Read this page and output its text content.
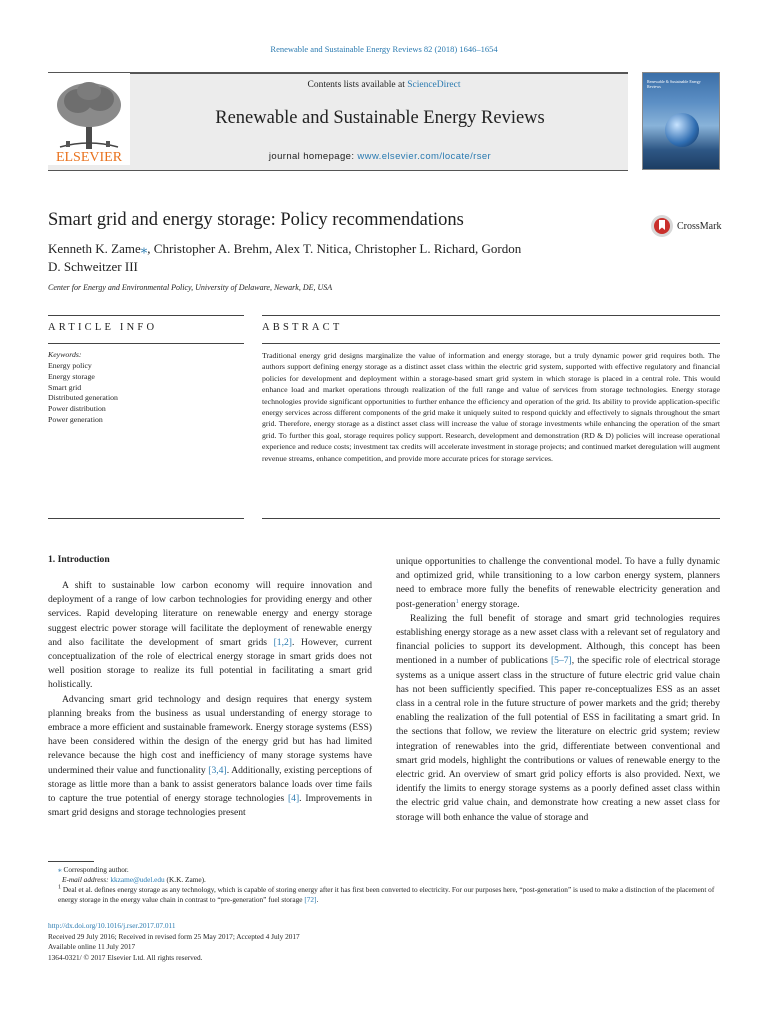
Renewable and Sustainable Energy Reviews 82 (2018) 1646–1654
ELSEVIER
Contents lists available at ScienceDirect
Renewable and Sustainable Energy Reviews
journal homepage: www.elsevier.com/locate/rser
Renewable & Sustainable Energy Reviews
Smart grid and energy storage: Policy recommendations	CrossMark
Kenneth K. Zame⁎, Christopher A. Brehm, Alex T. Nitica, Christopher L. Richard, Gordon
D. Schweitzer III
Center for Energy and Environmental Policy, University of Delaware, Newark, DE, USA
ARTICLE INFO	ABSTRACT
Keywords:
Energy policy
Energy storage
Smart grid
Distributed generation
Power distribution
Power generation
Traditional energy grid designs marginalize the value of information and energy storage, but a truly dynamic power grid requires both. The authors support defining energy storage as a distinct asset class within the electric grid system, supported with effective regulatory and financial policies for development and deployment within a storage-based smart grid system in which storage is placed in a central role. This would enhance load and market operations through realization of the full range and value of services from storage technologies. Energy storage technologies provide significant opportunities to further enhance the efficiency and operation of the grid. Its ability to provide application-specific energy services across different components of the grid make it uniquely suited to respond quickly and effectively to signals throughout the smart grid. Therefore, energy storage as a distinct asset class will increase the value of storage investments while enhancing the operation of the smart grid. To further this goal, storage requires policy support. Research, development and demonstration (RD & D) policies will increase operational experience and reduce costs; investment tax credits will accelerate investment in storage projects; and continued market deregulation will augment revenue streams, enhance competition, and provide more accurate prices for storage services.
1. Introduction

A shift to sustainable low carbon economy will require innovation and deployment of a range of low carbon technologies for providing energy and other services. Rapid developing literature on renewable energy and energy storage suggest electric power storage will facilitate the deployment of renewable energy and also facilitate the development of smart grids [1,2]. However, current conceptualization of the role of electrical energy storage in smart grids does not well position storage to realize its full potential in facilitating a smart grid holistically.

Advancing smart grid technology and design requires that energy system planning breaks from the business as usual understanding of energy storage to embrace a more efficient and sustainable framework. Energy storage systems (ESS) have been considered within the design of the energy grid but has had limited relevance because the high cost and inefficiency of many storage systems have undermined their value and functionality [3,4]. Additionally, existing perceptions of storage as little more than a bank to assist generators balance loads over time fails to capture the true potential of energy storage technologies [4]. Improvements in smart grid designs and storage technologies present

unique opportunities to challenge the conventional model. To have a fully dynamic and optimized grid, while transitioning to a low carbon energy system, planners need to embrace more fully the benefits of renewable electricity generation and post-generation$^1$ energy storage.

Realizing the full benefit of storage and smart grid technologies requires establishing energy storage as a new asset class with a relevant set of regulatory and financial policies to support its development. Although, this concept has been mentioned in a number of publications [5–7], the specific role of electrical storage systems as a unique assert class in the structure of future electric grid value chain has not been sufficiently specified. This paper re-conceptualizes ESS as an asset class in a central role in the future structure of power markets and the grid; thereby enabling the realization of the full potential of ESS in facilitating a smart grid. In the sections that follow, we review the literature on electric grid system; review integration of renewables into the grid, differentiate between conventional and smart grid models, highlight the contributions or values of renewable energy to the electric grid. An overview of smart grid policy efforts is also provided. Next, we identify the limits to energy storage systems as a poorly defined asset class within the electric grid value chain, and demonstrate how creating a new asset class for storage will both enhance the value of storage and

⁎ Corresponding author.
E-mail address: kkzame@udel.edu (K.K. Zame).
$^1$ Deal et al. defines energy storage as any technology, which is capable of storing energy after it has first been converted to electricity. For our purposes here, “post-generation” is used to make a distinction of the placement of energy storage in the energy value chain in contrast to “pre-generation” fuel storage [72].
http://dx.doi.org/10.1016/j.rser.2017.07.011
Received 29 July 2016; Received in revised form 25 May 2017; Accepted 4 July 2017
Available online 11 July 2017
1364-0321/ © 2017 Elsevier Ltd. All rights reserved.
